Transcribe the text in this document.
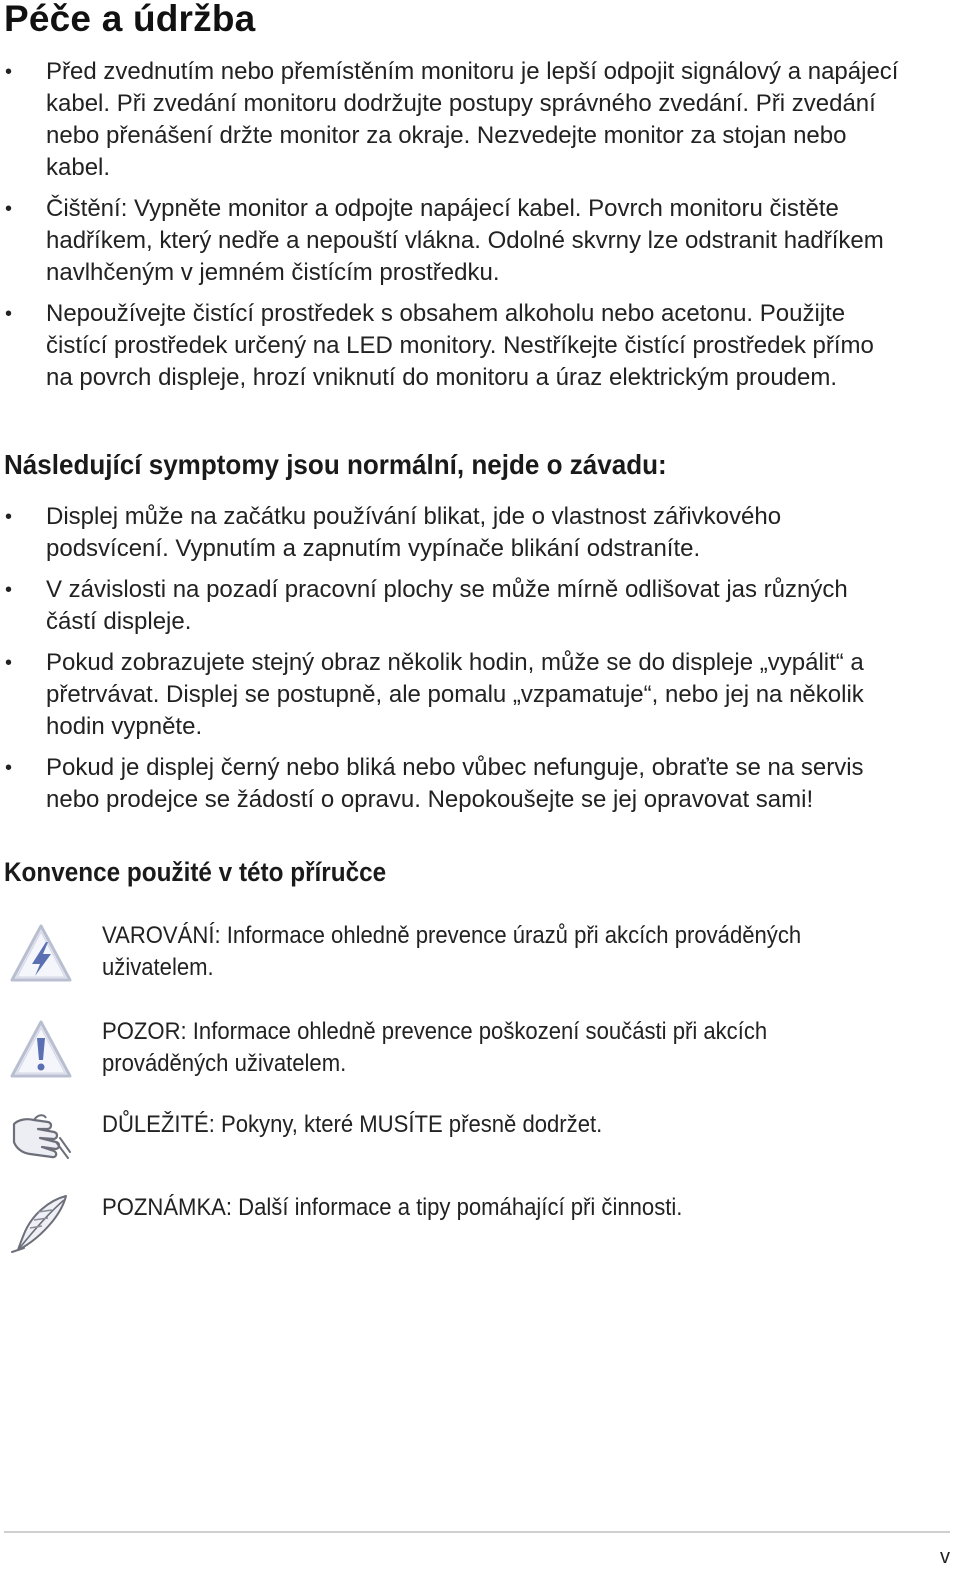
Péče a údržba
• Před zvednutím nebo přemístěním monitoru je lepší odpojit signálový a napájecí kabel. Při zvedání monitoru dodržujte postupy správného zvedání. Při zvedání nebo přenášení držte monitor za okraje. Nezvedejte monitor za stojan nebo kabel.
• Čištění: Vypněte monitor a odpojte napájecí kabel. Povrch monitoru čistěte hadříkem, který nedře a nepouští vlákna. Odolné skvrny lze odstranit hadříkem navlhčeným v jemném čistícím prostředku.
• Nepoužívejte čistící prostředek s obsahem alkoholu nebo acetonu. Použijte čistící prostředek určený na LED monitory. Nestříkejte čistící prostředek přímo na povrch displeje, hrozí vniknutí do monitoru a úraz elektrickým proudem.
Následující symptomy jsou normální, nejde o závadu:
• Displej může na začátku používání blikat, jde o vlastnost zářivkového podsvícení. Vypnutím a zapnutím vypínače blikání odstraníte.
• V závislosti na pozadí pracovní plochy se může mírně odlišovat jas různých částí displeje.
• Pokud zobrazujete stejný obraz několik hodin, může se do displeje „vypálit“ a přetrvávat. Displej se postupně, ale pomalu „vzpamatuje“, nebo jej na několik hodin vypněte.
• Pokud je displej černý nebo bliká nebo vůbec nefunguje, obraťte se na servis nebo prodejce se žádostí o opravu. Nepokoušejte se jej opravovat sami!
Konvence použité v této příručce

VAROVÁNÍ: Informace ohledně prevence úrazů při akcích prováděných uživatelem.

POZOR: Informace ohledně prevence poškození součásti při akcích prováděných uživatelem.

DŮLEŽITÉ: Pokyny, které MUSÍTE přesně dodržet.

POZNÁMKA: Další informace a tipy pomáhající při činnosti.

v
